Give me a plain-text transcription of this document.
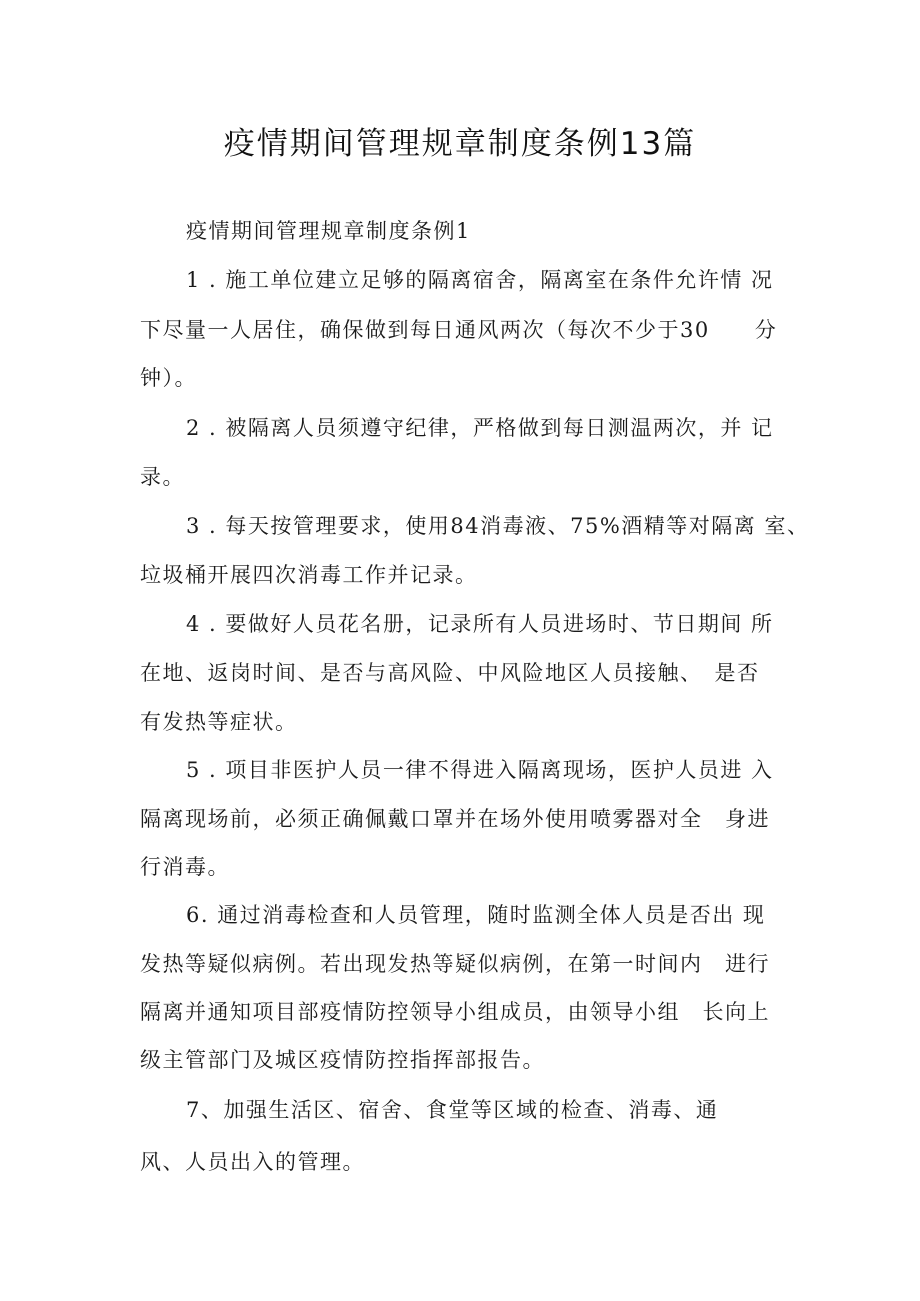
疫情期间管理规章制度条例13篇
疫情期间管理规章制度条例1
1 . 施工单位建立足够的隔离宿舍，隔离室在条件允许情 况
下尽量一人居住，确保做到每日通风两次（每次不少于30　　分
钟）。
2 . 被隔离人员须遵守纪律，严格做到每日测温两次，并 记
录。
3 . 每天按管理要求，使用84消毒液、75%酒精等对隔离 室、
垃圾桶开展四次消毒工作并记录。
4 . 要做好人员花名册，记录所有人员进场时、节日期间 所
在地、返岗时间、是否与高风险、中风险地区人员接触、　是否
有发热等症状。
5 . 项目非医护人员一律不得进入隔离现场，医护人员进 入
隔离现场前，必须正确佩戴口罩并在场外使用喷雾器对全　身进
行消毒。
6. 通过消毒检查和人员管理，随时监测全体人员是否出 现
发热等疑似病例。若出现发热等疑似病例，在第一时间内　进行
隔离并通知项目部疫情防控领导小组成员，由领导小组　长向上
级主管部门及城区疫情防控指挥部报告。
7、加强生活区、宿舍、食堂等区域的检查、消毒、通
风、人员出入的管理。
